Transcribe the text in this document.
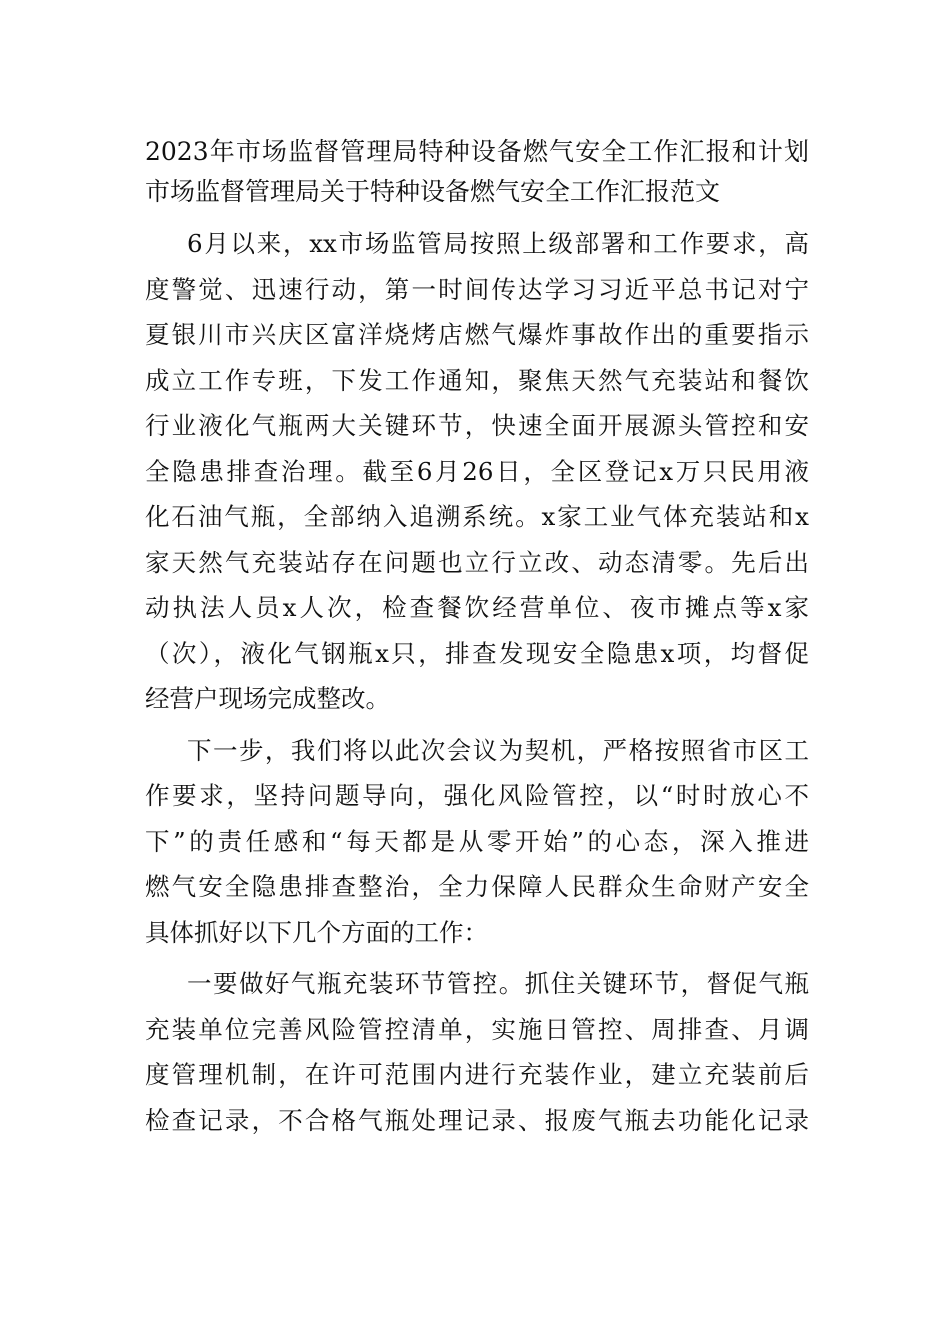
2023年市场监督管理局特种设备燃气安全工作汇报和计划
市场监督管理局关于特种设备燃气安全工作汇报范文
6月以来，xx市场监管局按照上级部署和工作要求，高
度警觉、迅速行动，第一时间传达学习习近平总书记对宁
夏银川市兴庆区富洋烧烤店燃气爆炸事故作出的重要指示
成立工作专班，下发工作通知，聚焦天然气充装站和餐饮
行业液化气瓶两大关键环节，快速全面开展源头管控和安
全隐患排查治理。截至6月26日，全区登记x万只民用液
化石油气瓶，全部纳入追溯系统。x家工业气体充装站和x
家天然气充装站存在问题也立行立改、动态清零。先后出
动执法人员x人次，检查餐饮经营单位、夜市摊点等x家
（次），液化气钢瓶x只，排查发现安全隐患x项，均督促
经营户现场完成整改。
下一步，我们将以此次会议为契机，严格按照省市区工
作要求，坚持问题导向，强化风险管控，以“时时放心不
下”的责任感和“每天都是从零开始”的心态，深入推进
燃气安全隐患排查整治，全力保障人民群众生命财产安全
具体抓好以下几个方面的工作：
一要做好气瓶充装环节管控。抓住关键环节，督促气瓶
充装单位完善风险管控清单，实施日管控、周排查、月调
度管理机制，在许可范围内进行充装作业，建立充装前后
检查记录，不合格气瓶处理记录、报废气瓶去功能化记录
